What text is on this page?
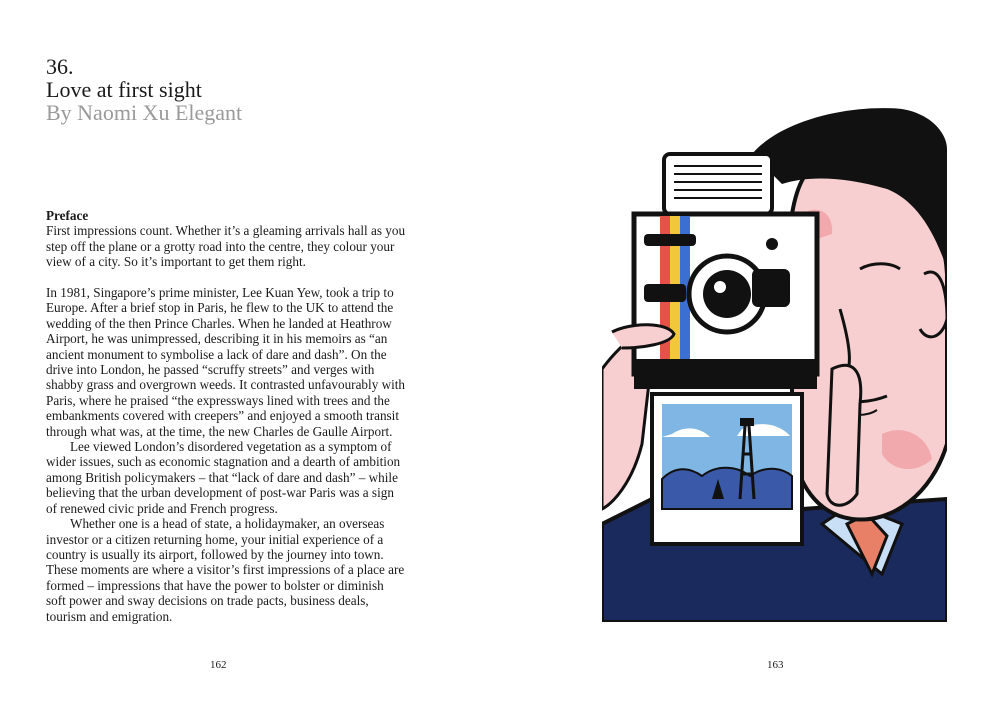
36.
Love at first sight
By Naomi Xu Elegant

Preface

First impressions count. Whether it’s a gleaming arrivals hall as you step off the plane or a grotty road into the centre, they colour your view of a city. So it’s important to get them right.

In 1981, Singapore’s prime minister, Lee Kuan Yew, took a trip to Europe. After a brief stop in Paris, he flew to the UK to attend the wedding of the then Prince Charles. When he landed at Heathrow Airport, he was unimpressed, describing it in his memoirs as “an ancient monument to symbolise a lack of dare and dash”. On the drive into London, he passed “scruffy streets” and verges with shabby grass and overgrown weeds. It contrasted unfavourably with Paris, where he praised “the expressways lined with trees and the embankments covered with creepers” and enjoyed a smooth transit through what was, at the time, the new Charles de Gaulle Airport.

Lee viewed London’s disordered vegetation as a symptom of wider issues, such as economic stagnation and a dearth of ambition among British policymakers – that “lack of dare and dash” – while believing that the urban development of post-war Paris was a sign of renewed civic pride and French progress.

Whether one is a head of state, a holidaymaker, an overseas investor or a citizen returning home, your initial experience of a country is usually its airport, followed by the journey into town. These moments are where a visitor’s first impressions of a place are formed – impressions that have the power to bolster or diminish soft power and sway decisions on trade pacts, business deals, tourism and emigration.

162	163
